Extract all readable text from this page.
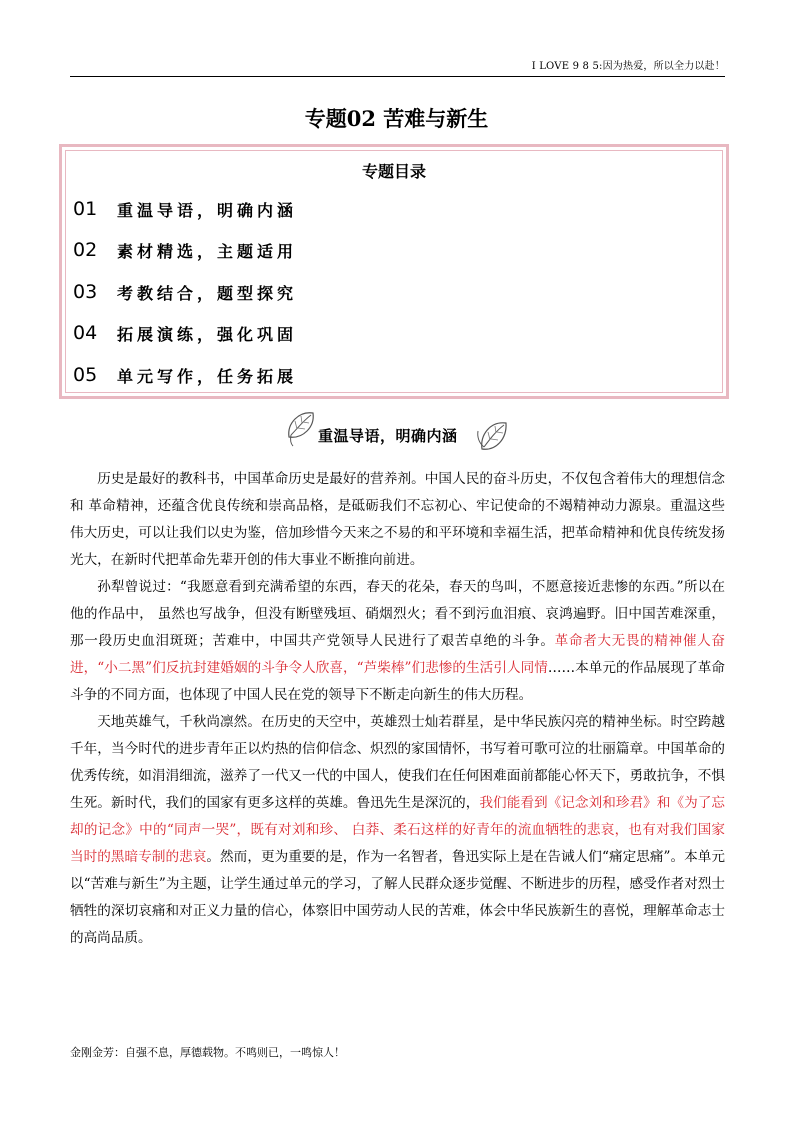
I LOVE 9 8 5:因为热爱，所以全力以赴！
专题02 苦难与新生
专题目录
01	重温导语，明确内涵
02	素材精选，主题适用
03	考教结合，题型探究
04	拓展演练，强化巩固
05	单元写作，任务拓展
重温导语，明确内涵

历史是最好的教科书，中国革命历史是最好的营养剂。中国人民的奋斗历史，不仅包含着伟大的理想信念和 革命精神，还蕴含优良传统和崇高品格，是砥砺我们不忘初心、牢记使命的不竭精神动力源泉。重温这些伟大历史，可以让我们以史为鉴，倍加珍惜今天来之不易的和平环境和幸福生活，把革命精神和优良传统发扬光大，在新时代把革命先辈开创的伟大事业不断推向前进。

孙犁曾说过：“我愿意看到充满希望的东西，春天的花朵，春天的鸟叫，不愿意接近悲惨的东西。”所以在他的作品中， 虽然也写战争，但没有断壁残垣、硝烟烈火；看不到污血泪痕、哀鸿遍野。旧中国苦难深重，那一段历史血泪斑斑；苦难中，中国共产党领导人民进行了艰苦卓绝的斗争。革命者大无畏的精神催人奋进，“小二黑”们反抗封建婚姻的斗争令人欣喜，“芦柴棒”们悲惨的生活引人同情……本单元的作品展现了革命斗争的不同方面，也体现了中国人民在党的领导下不断走向新生的伟大历程。

天地英雄气，千秋尚凛然。在历史的天空中，英雄烈士灿若群星，是中华民族闪亮的精神坐标。时空跨越千年，当今时代的进步青年正以灼热的信仰信念、炽烈的家国情怀，书写着可歌可泣的壮丽篇章。中国革命的优秀传统，如涓涓细流，滋养了一代又一代的中国人，使我们在任何困难面前都能心怀天下，勇敢抗争，不惧生死。新时代，我们的国家有更多这样的英雄。鲁迅先生是深沉的，我们能看到《记念刘和珍君》和《为了忘却的记念》中的“同声一哭”，既有对刘和珍、 白莽、柔石这样的好青年的流血牺牲的悲哀，也有对我们国家当时的黑暗专制的悲哀。然而，更为重要的是，作为一名智者，鲁迅实际上是在告诫人们“痛定思痛”。本单元以“苦难与新生”为主题，让学生通过单元的学习，了解人民群众逐步觉醒、不断进步的历程，感受作者对烈士牺牲的深切哀痛和对正义力量的信心，体察旧中国劳动人民的苦难，体会中华民族新生的喜悦，理解革命志士的高尚品质。

金刚金芳：自强不息，厚德载物。不鸣则已，一鸣惊人！
